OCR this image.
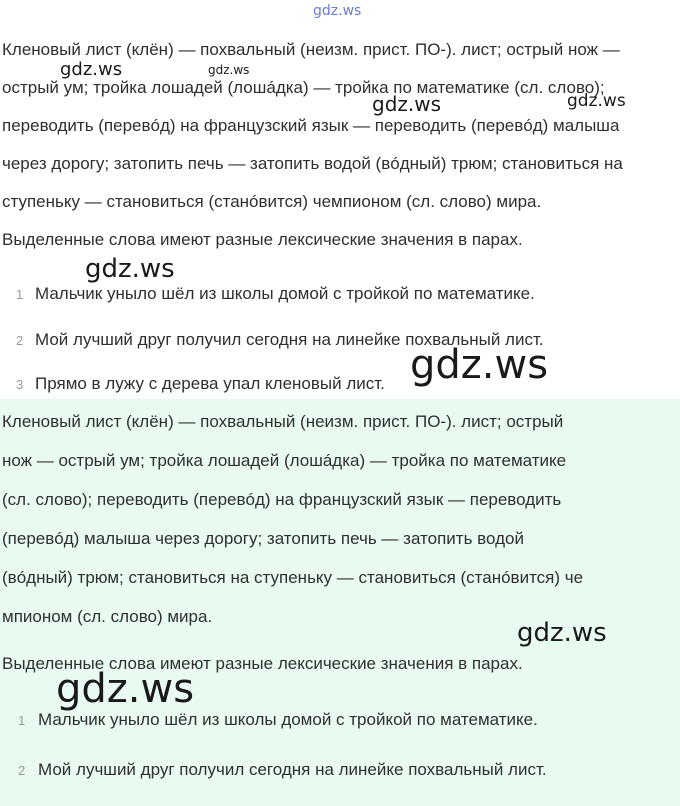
Кленовый лист (клён) — похвальный (неизм. прист. ПО-). лист; острый нож —
острый ум; тройка лошадей (лошáдка) — тройка по математике (сл. слово);
переводить (перевóд) на французский язык — переводить (перевóд) малыша
через дорогу; затопить печь — затопить водой (вóдный) трюм; становиться на
ступеньку — становиться (станóвится) чемпионом (сл. слово) мира.
Выделенные слова имеют разные лексические значения в парах.
1 Мальчик уныло шёл из школы домой с тройкой по математике.
2 Мой лучший друг получил сегодня на линейке похвальный лист.
3 Прямо в лужу с дерева упал кленовый лист.
Кленовый лист (клён) — похвальный (неизм. прист. ПО-). лист; острый
нож — острый ум; тройка лошадей (лошáдка) — тройка по математике
(сл. слово); переводить (перевóд) на французский язык — переводить
(перевóд) малыша через дорогу; затопить печь — затопить водой
(вóдный) трюм; становиться на ступеньку — становиться (станóвится) че
мпионом (сл. слово) мира.
Выделенные слова имеют разные лексические значения в парах.
1 Мальчик уныло шёл из школы домой с тройкой по математике.
2 Мой лучший друг получил сегодня на линейке похвальный лист.
gdz.ws
gdz.ws	gdz.ws
gdz.ws	gdz.ws
gdz.ws
gdz.ws
gdz.ws
gdz.ws
